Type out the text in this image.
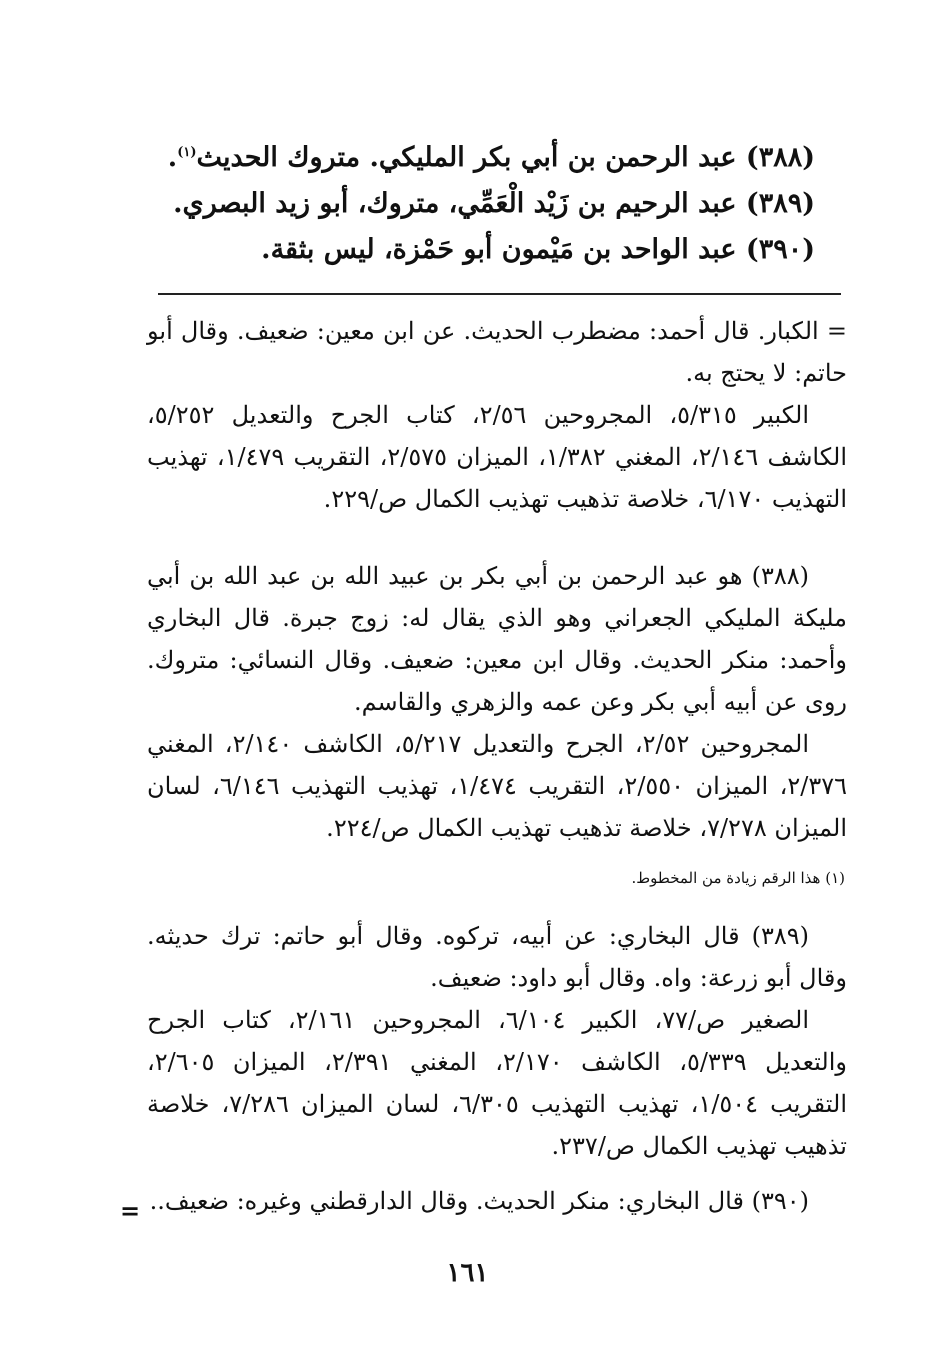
(٣٨٨) عبد الرحمن بن أبي بكر المليكي. متروك الحديث$^{(١)}$.

(٣٨٩) عبد الرحيم بن زَيْد الْعَمِّي، متروك، أبو زيد البصري.

(٣٩٠) عبد الواحد بن مَيْمون أبو حَمْزة، ليس بثقة.

= الكبار. قال أحمد: مضطرب الحديث. عن ابن معين: ضعيف. وقال أبو حاتم: لا يحتج به.

الكبير ٥/٣١٥، المجروحين ٢/٥٦، كتاب الجرح والتعديل ٥/٢٥٢، الكاشف ٢/١٤٦، المغني ١/٣٨٢، الميزان ٢/٥٧٥، التقريب ١/٤٧٩، تهذيب التهذيب ٦/١٧٠، خلاصة تذهيب تهذيب الكمال ص/٢٢٩.

(٣٨٨) هو عبد الرحمن بن أبي بكر بن عبيد الله بن عبد الله بن أبي مليكة المليكي الجعراني وهو الذي يقال له: زوج جبرة. قال البخاري وأحمد: منكر الحديث. وقال ابن معين: ضعيف. وقال النسائي: متروك. روى عن أبيه أبي بكر وعن عمه والزهري والقاسم.

المجروحين ٢/٥٢، الجرح والتعديل ٥/٢١٧، الكاشف ٢/١٤٠، المغني ٢/٣٧٦، الميزان ٢/٥٥٠، التقريب ١/٤٧٤، تهذيب التهذيب ٦/١٤٦، لسان الميزان ٧/٢٧٨، خلاصة تذهيب تهذيب الكمال ص/٢٢٤.

(١) هذا الرقم زيادة من المخطوط.

(٣٨٩) قال البخاري: عن أبيه، تركوه. وقال أبو حاتم: ترك حديثه. وقال أبو زرعة: واه. وقال أبو داود: ضعيف.

الصغير ص/٧٧، الكبير ٦/١٠٤، المجروحين ٢/١٦١، كتاب الجرح والتعديل ٥/٣٣٩، الكاشف ٢/١٧٠، المغني ٢/٣٩١، الميزان ٢/٦٠٥، التقريب ١/٥٠٤، تهذيب التهذيب ٦/٣٠٥، لسان الميزان ٧/٢٨٦، خلاصة تذهيب تهذيب الكمال ص/٢٣٧.

(٣٩٠) قال البخاري: منكر الحديث. وقال الدارقطني وغيره: ضعيف..

=
١٦١
